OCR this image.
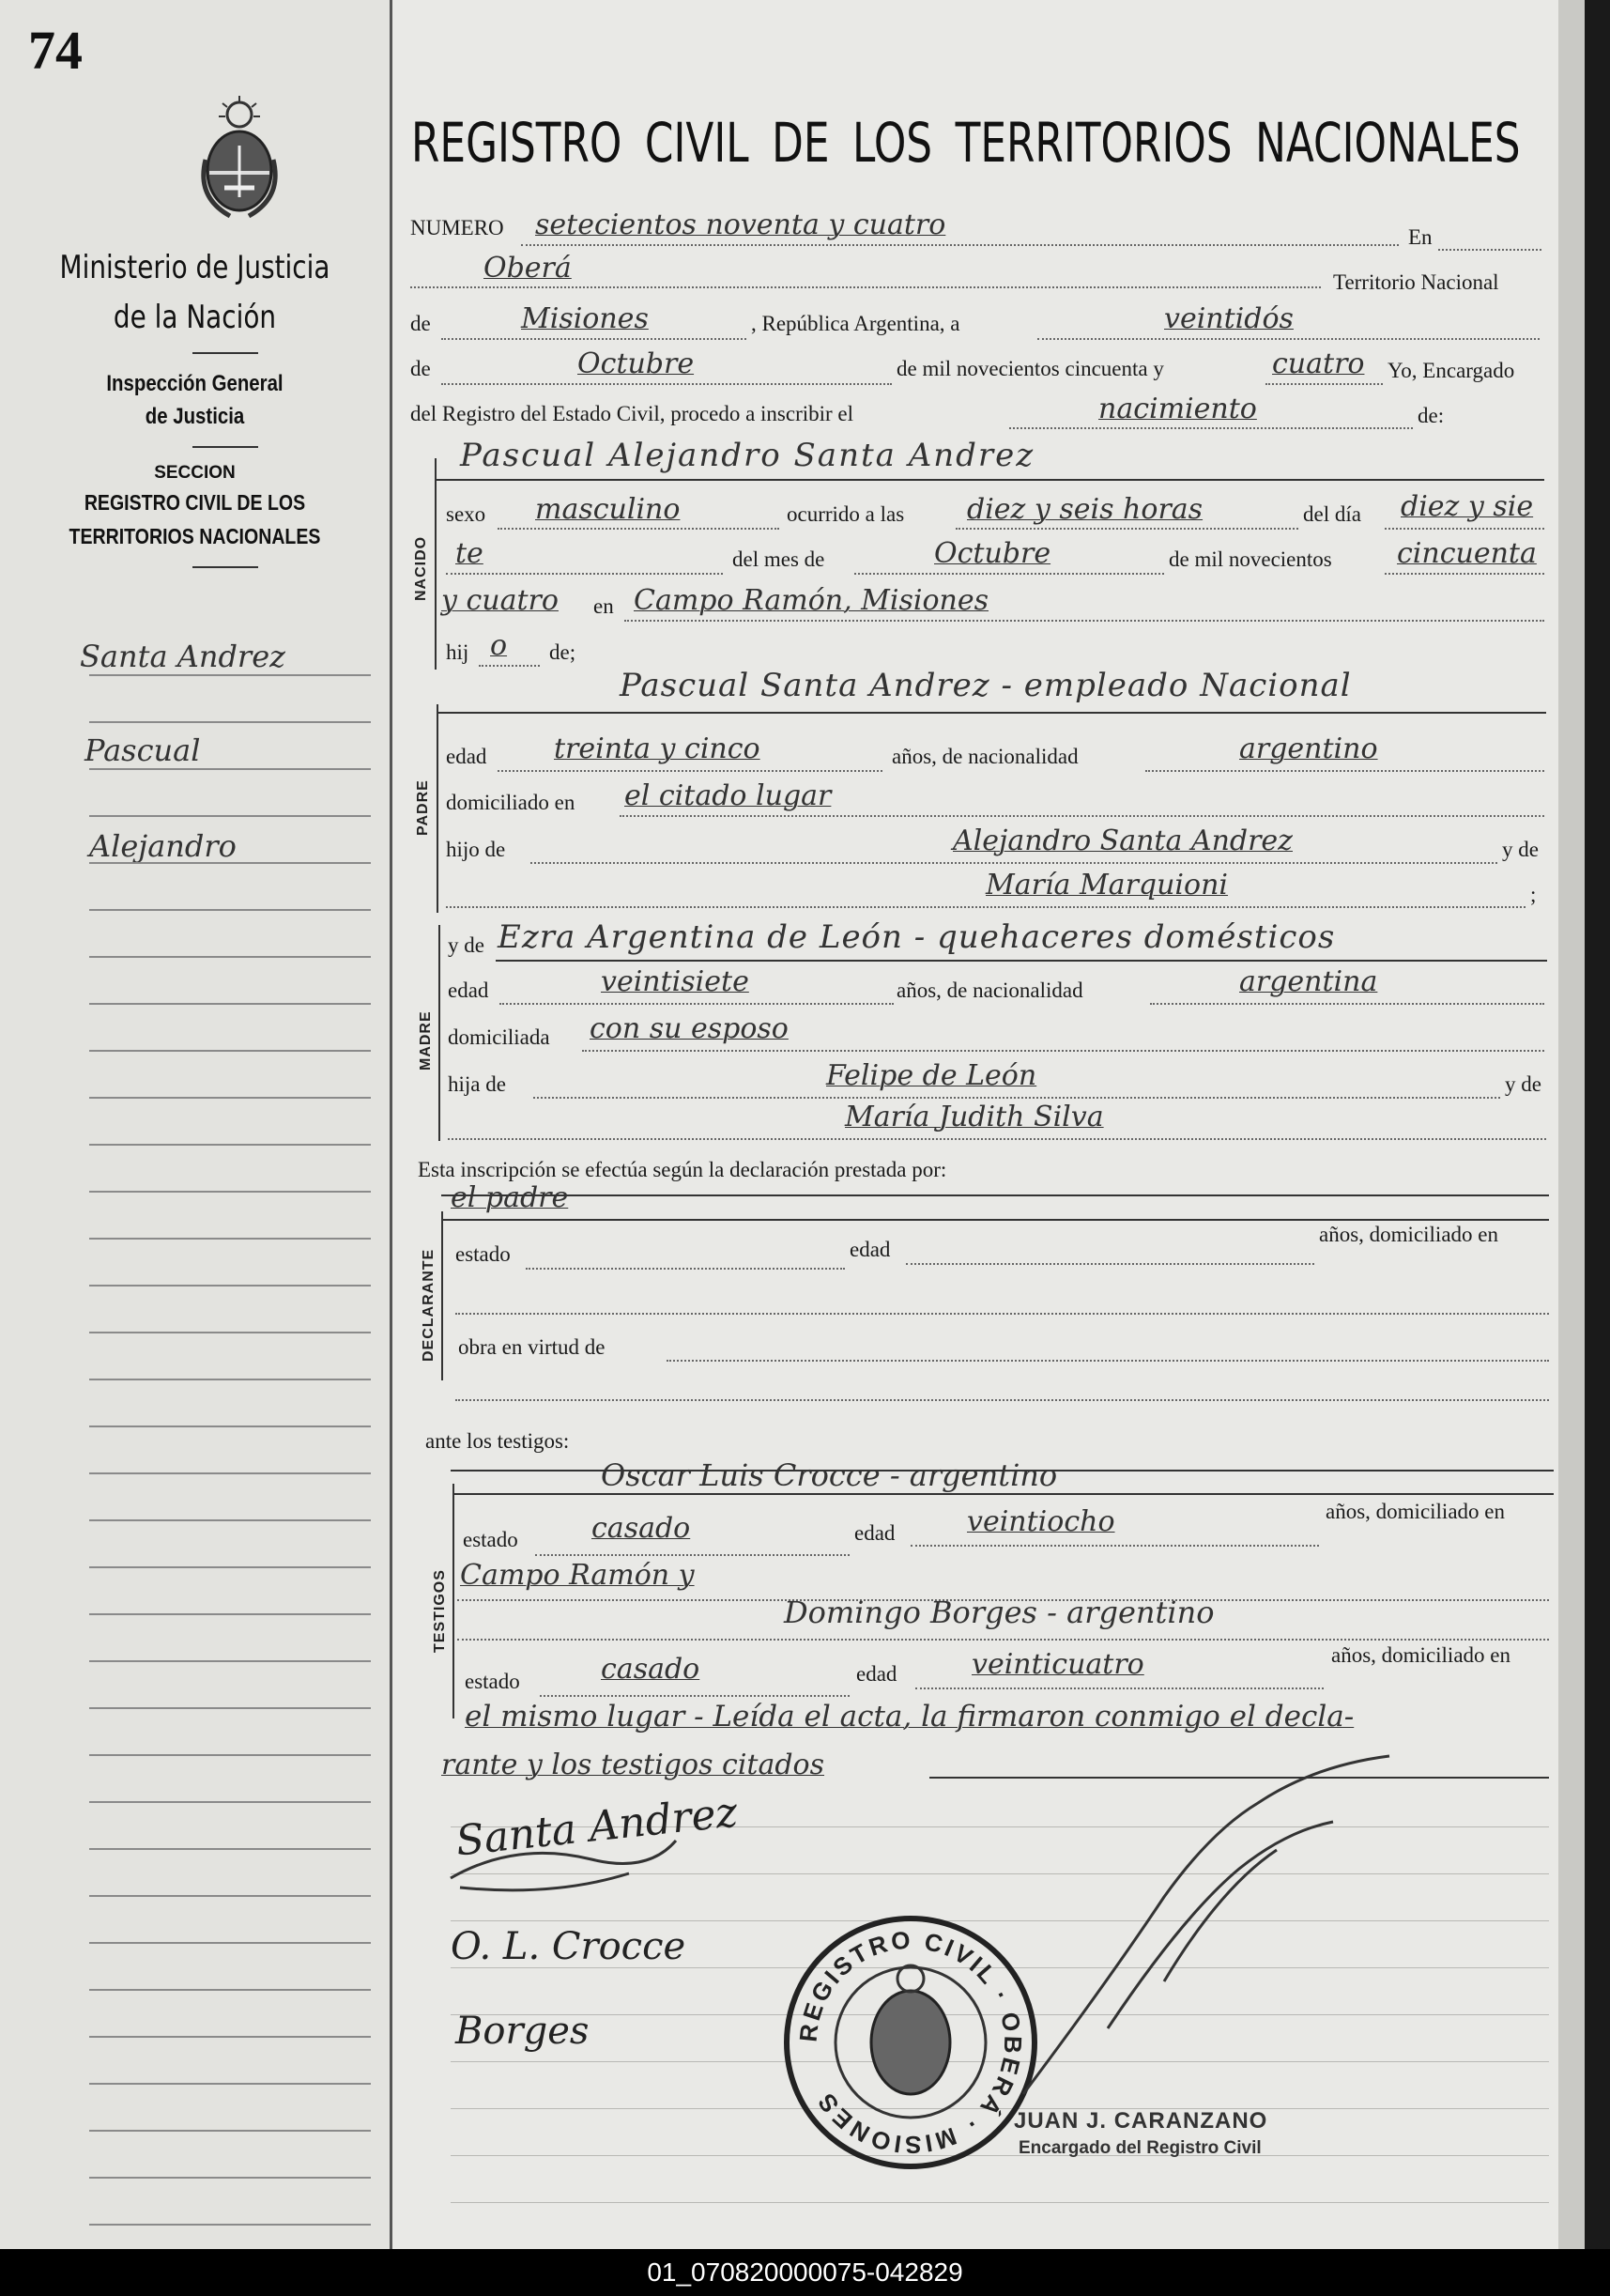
74
Ministerio de Justicia
de la Nación
Inspección General
de Justicia
SECCION
REGISTRO CIVIL DE LOS
TERRITORIOS NACIONALES
Santa Andrez
Pascual
Alejandro
REGISTRO CIVIL DE LOS TERRITORIOS NACIONALES
NUMERO setecientos noventa y cuatro	En
Oberá	Territorio Nacional
de	Misiones	, República Argentina, a	veintidós
de	Octubre	de mil novecientos cincuenta y	cuatro Yo, Encargado
del Registro del Estado Civil, procedo a inscribir el	nacimiento	de:
NACIDO
Pascual Alejandro Santa Andrez
sexo masculino	ocurrido a las diez y seis horas	del día diez y sie
te	del mes de	Octubre	de mil novecientos cincuenta
y cuatro en Campo Ramón, Misiones
hij o de;
PADRE
Pascual Santa Andrez - empleado Nacional
edad treinta y cinco	años, de nacionalidad	argentino
domiciliado en el citado lugar
hijo de	Alejandro Santa Andrez	y de
María Marquioni	;
MADRE
y de Ezra Argentina de León - quehaceres domésticos
edad	veintisiete	años, de nacionalidad	argentina
domiciliada con su esposo
hija de	Felipe de León	y de
María Judith Silva
Esta inscripción se efectúa según la declaración prestada por:
el padre
DECLARANTE estado	edad
años, domiciliado en
obra en virtud de
ante los testigos:
Oscar Luis Crocce - argentino
TESTIGOS
estado	casado	edad	veintiocho	años, domiciliado en
Campo Ramón y
Domingo Borges - argentino
estado	casado	edad	veinticuatro	años, domiciliado en
el mismo lugar - Leída el acta, la firmaron conmigo el decla-
rante y los testigos citados
Santa Andrez
O. L. Crocce
Borges	REGISTRO CIVIL · OBERÁ · MISIONES
JUAN J. CARANZANO
Encargado del Registro Civil
01_070820000075-042829
